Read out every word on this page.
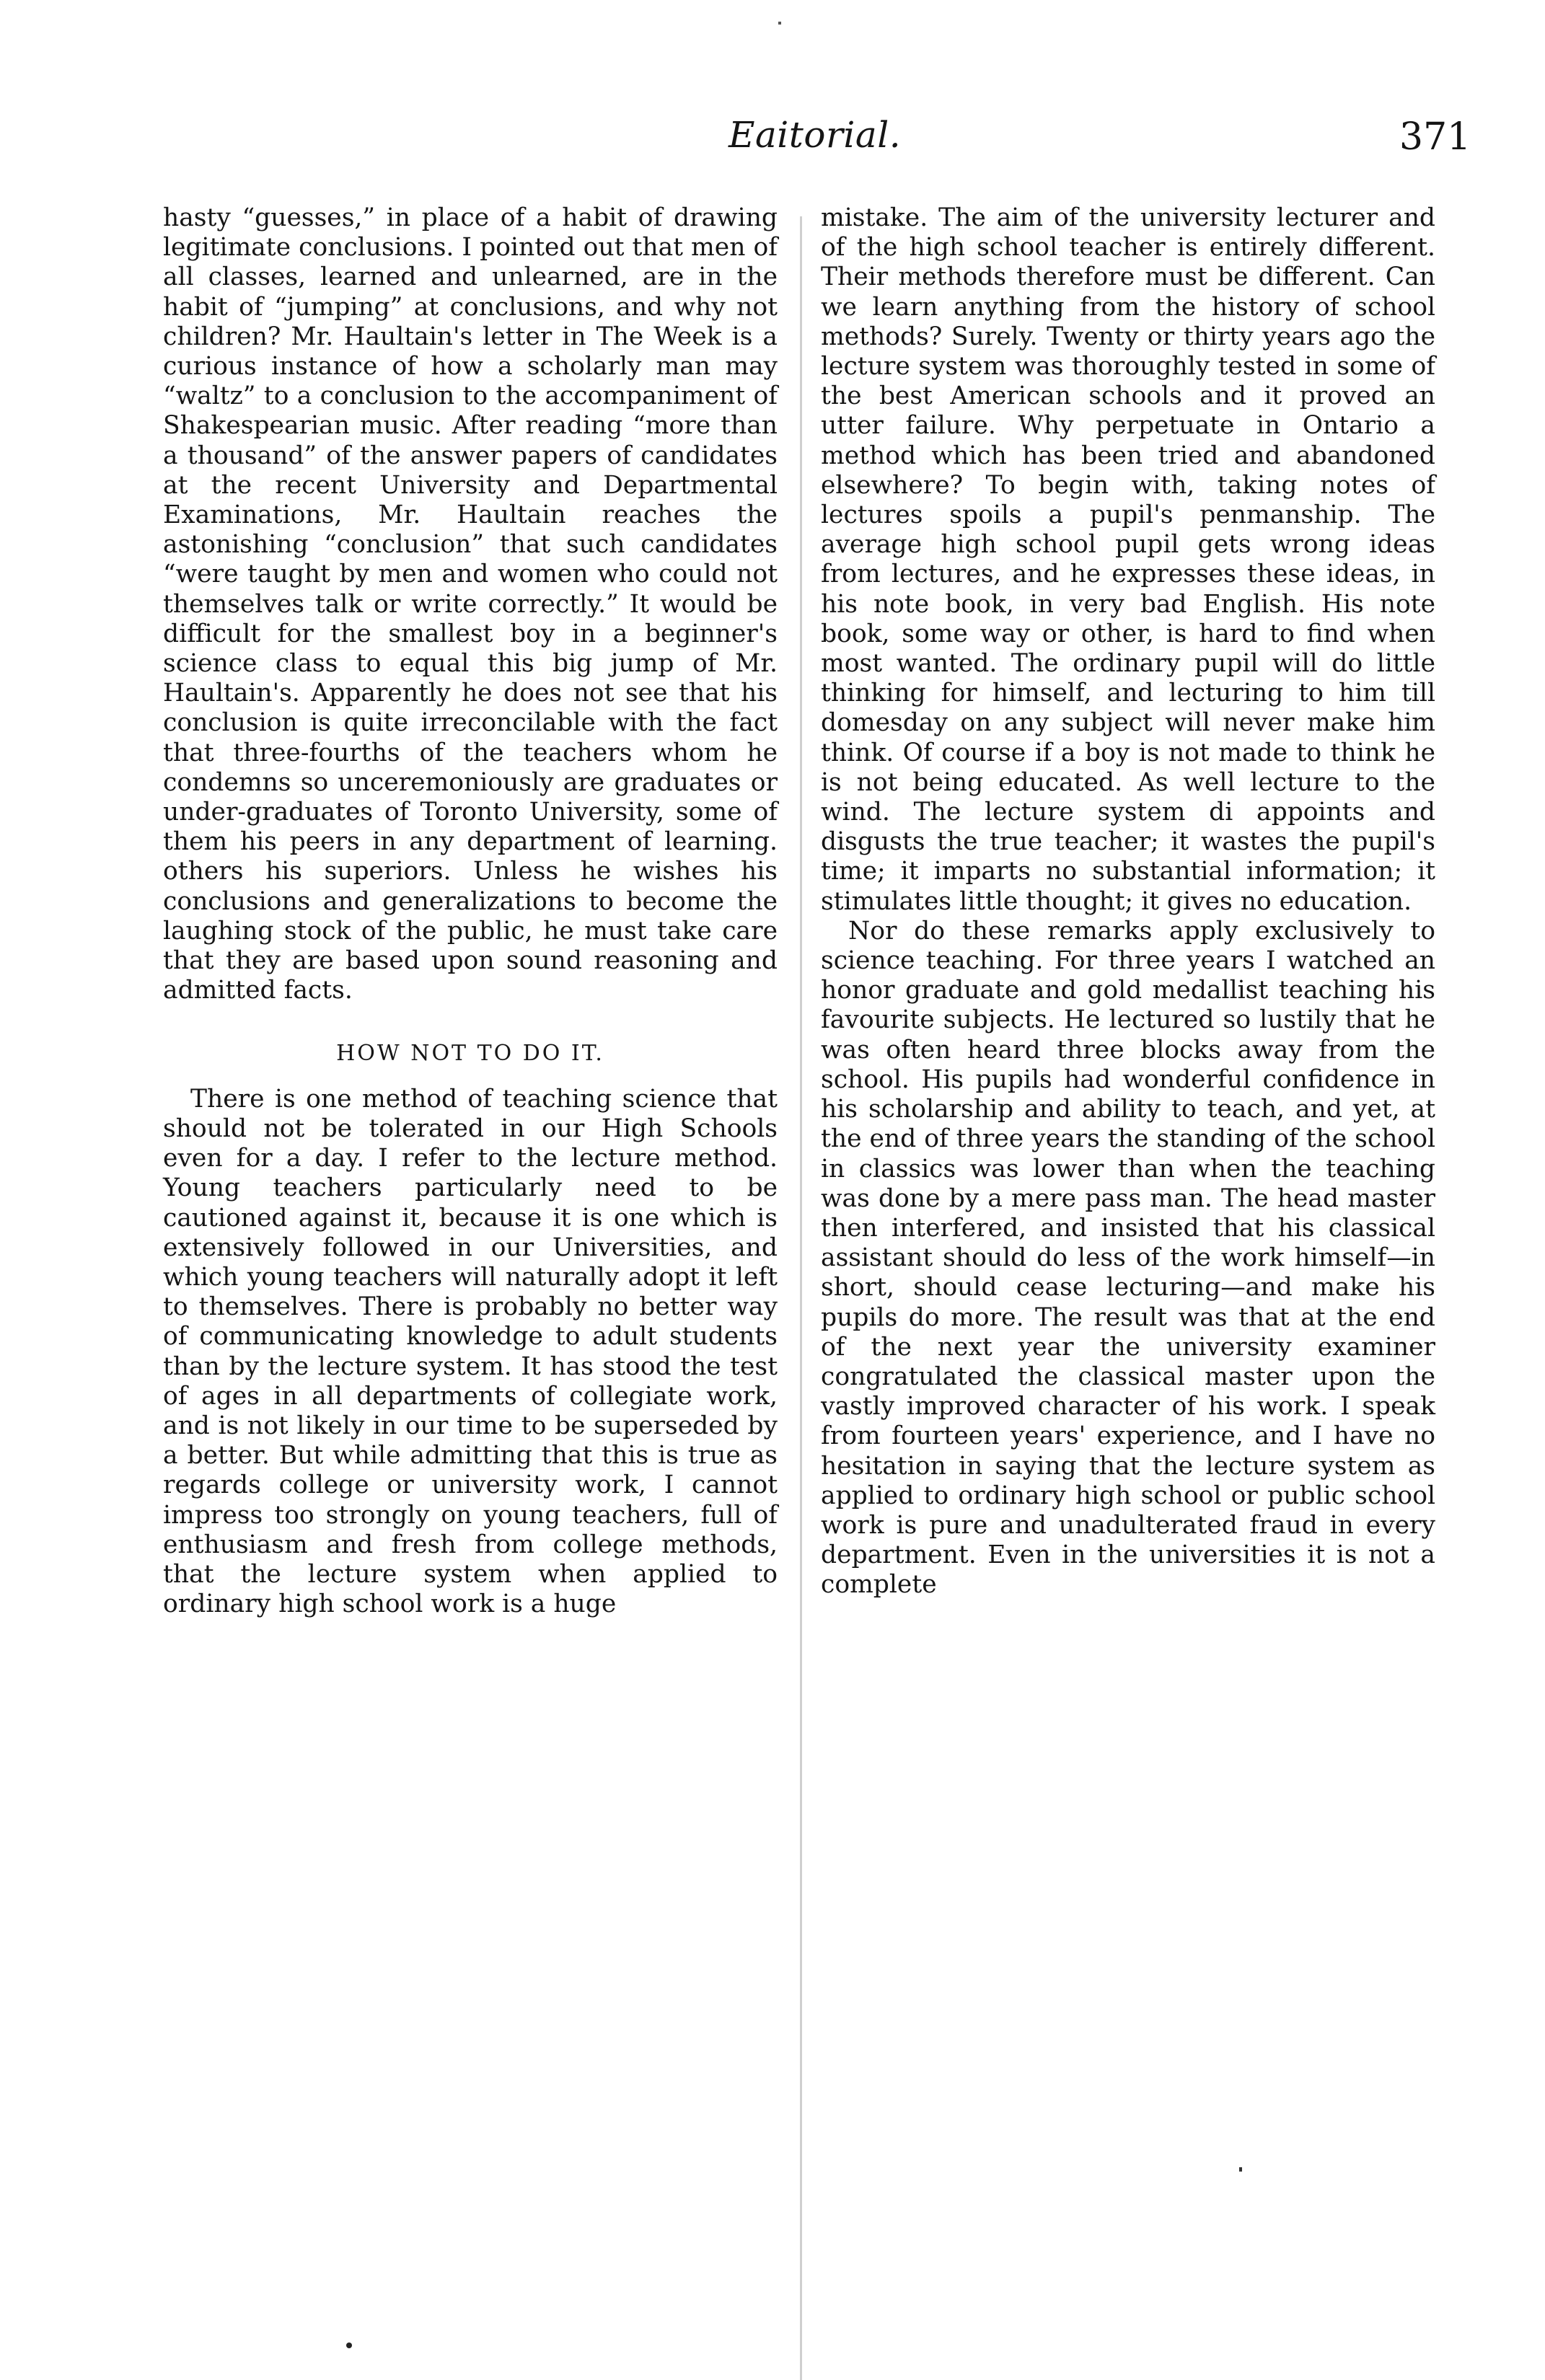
Eaitorial.	371

hasty “guesses,” in place of a habit of drawing legitimate conclusions. I pointed out that men of all classes, learned and unlearned, are in the habit of “jumping” at conclusions, and why not children? Mr. Haultain's letter in The Week is a curious instance of how a scholarly man may “waltz” to a conclusion to the accompaniment of Shakespearian music. After reading “more than a thousand” of the answer papers of candidates at the recent University and Departmental Examinations, Mr. Haultain reaches the astonishing “conclusion” that such candidates “were taught by men and women who could not themselves talk or write correctly.” It would be difficult for the smallest boy in a beginner's science class to equal this big jump of Mr. Haultain's. Apparently he does not see that his conclusion is quite irreconcilable with the fact that three-fourths of the teachers whom he condemns so unceremoniously are graduates or under-graduates of Toronto University, some of them his peers in any department of learning. others his superiors. Unless he wishes his conclusions and generalizations to become the laughing stock of the public, he must take care that they are based upon sound reasoning and admitted facts.

HOW NOT TO DO IT.

There is one method of teaching science that should not be tolerated in our High Schools even for a day. I refer to the lecture method. Young teachers particularly need to be cautioned against it, because it is one which is extensively followed in our Universities, and which young teachers will naturally adopt it left to themselves. There is probably no better way of communicating knowledge to adult students than by the lecture system. It has stood the test of ages in all departments of collegiate work, and is not likely in our time to be superseded by a better. But while admitting that this is true as regards college or university work, I cannot impress too strongly on young teachers, full of enthusiasm and fresh from college methods, that the lecture system when applied to ordinary high school work is a huge

mistake. The aim of the university lecturer and of the high school teacher is entirely different. Their methods therefore must be different. Can we learn anything from the history of school methods? Surely. Twenty or thirty years ago the lecture system was thoroughly tested in some of the best American schools and it proved an utter failure. Why perpetuate in Ontario a method which has been tried and abandoned elsewhere? To begin with, taking notes of lectures spoils a pupil's penmanship. The average high school pupil gets wrong ideas from lectures, and he expresses these ideas, in his note book, in very bad English. His note book, some way or other, is hard to find when most wanted. The ordinary pupil will do little thinking for himself, and lecturing to him till domesday on any subject will never make him think. Of course if a boy is not made to think he is not being educated. As well lecture to the wind. The lecture system di appoints and disgusts the true teacher; it wastes the pupil's time; it imparts no substantial information; it stimulates little thought; it gives no education.

Nor do these remarks apply exclusively to science teaching. For three years I watched an honor graduate and gold medallist teaching his favourite subjects. He lectured so lustily that he was often heard three blocks away from the school. His pupils had wonderful confidence in his scholarship and ability to teach, and yet, at the end of three years the standing of the school in classics was lower than when the teaching was done by a mere pass man. The head master then interfered, and insisted that his classical assistant should do less of the work himself—in short, should cease lecturing—and make his pupils do more. The result was that at the end of the next year the university examiner congratulated the classical master upon the vastly improved character of his work. I speak from fourteen years' experience, and I have no hesitation in saying that the lecture system as applied to ordinary high school or public school work is pure and unadulterated fraud in every department. Even in the universities it is not a complete
